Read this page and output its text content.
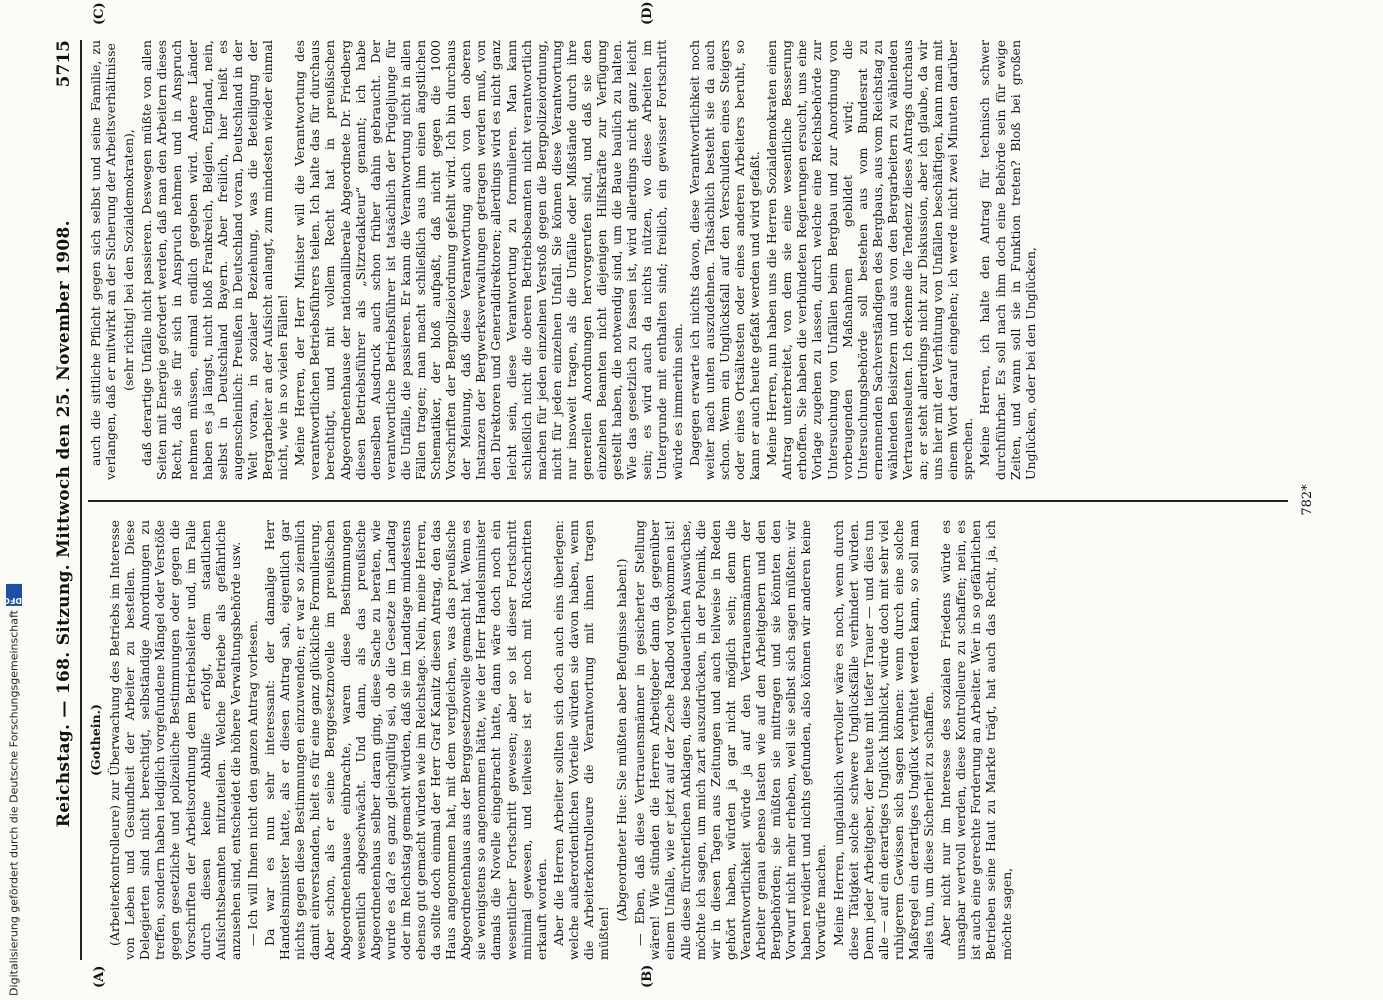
Reichstag. — 168. Sitzung. Mittwoch den 25. November 1908.
5715
(A)	(B)
(C)	(D)

(Gothein.) (Arbeiterkontrolleure) zur Überwachung des Betriebs im Interesse von Leben und Gesundheit der Arbeiter zu bestellen. Diese Delegierten sind nicht berechtigt, selbständige Anordnungen zu treffen, sondern haben lediglich vorgefundene Mängel oder Verstöße gegen gesetzliche und polizeiliche Bestimmungen oder gegen die Vorschriften der Arbeitsordnung dem Betriebsleiter und, im Falle durch diesen keine Abhilfe erfolgt, dem staatlichen Aufsichtsbeamten mitzuteilen. Welche Betriebe als gefährliche anzusehen sind, entscheidet die höhere Verwaltungsbehörde usw. — Ich will Ihnen nicht den ganzen Antrag vorlesen. Da war es nun sehr interessant: der damalige Herr Handelsminister hatte, als er diesen Antrag sah, eigentlich gar nichts gegen diese Bestimmungen einzuwenden; er war so ziemlich damit einverstanden, hielt es für eine ganz glückliche Formulierung. Aber schon, als er seine Berggesetznovelle im preußischen Abgeordnetenhause einbrachte, waren diese Bestimmungen wesentlich abgeschwächt. Und dann, als das preußische Abgeordnetenhaus selber daran ging, diese Sache zu beraten, wie wurde es da? es ganz gleichgültig sei, ob die Gesetze im Landtag oder im Reichstag gemacht würden, daß sie im Landtage mindestens ebenso gut gemacht würden wie im Reichstage. Nein, meine Herren, da sollte doch einmal der Herr Graf Kanitz diesen Antrag, den das Haus angenommen hat, mit dem vergleichen, was das preußische Abgeordnetenhaus aus der Berggesetznovelle gemacht hat. Wenn es sie wenigstens so angenommen hätte, wie der Herr Handelsminister damals die Novelle eingebracht hatte, dann wäre doch noch ein wesentlicher Fortschritt gewesen; aber so ist dieser Fortschritt minimal gewesen, und teilweise ist er noch mit Rückschritten erkauft worden. Aber die Herren Arbeiter sollten sich doch auch eins überlegen: welche außerordentlichen Vorteile würden sie davon haben, wenn die Arbeiterkontrolleure die Verantwortung mit ihnen tragen müßten!

(Abgeordneter Hue: Sie müßten aber Befugnisse haben!) — Eben, daß diese Vertrauensmänner in gesicherter Stellung wären! Wie stünden die Herren Arbeitgeber dann da gegenüber einem Unfalle, wie er jetzt auf der Zeche Radbod vorgekommen ist! Alle diese fürchterlichen Anklagen, diese bedauerlichen Auswüchse, möchte ich sagen, um mich zart auszudrücken, in der Polemik, die wir in diesen Tagen aus Zeitungen und auch teilweise in Reden gehört haben, würden ja gar nicht möglich sein; denn die Verantwortlichkeit würde ja auf den Vertrauensmännern der Arbeiter genau ebenso lasten wie auf den Arbeitgebern und den Bergbehörden; sie müßten sie mittragen und sie könnten den Vorwurf nicht mehr erheben, weil sie selbst sich sagen müßten: wir haben revidiert und nichts gefunden, also können wir anderen keine Vorwürfe machen. Meine Herren, unglaublich wertvoller wäre es noch, wenn durch diese Tätigkeit solche schwere Unglücksfälle verhindert würden. Denn jeder Arbeitgeber, der heute mit tiefer Trauer — und dies tun alle — auf ein derartiges Unglück hinblickt, würde doch mit sehr viel ruhigerem Gewissen sich sagen können: wenn durch eine solche Maßregel ein derartiges Unglück verhütet werden kann, so soll man alles tun, um diese Sicherheit zu schaffen. Aber nicht nur im Interesse des sozialen Friedens würde es unsagbar wertvoll werden, diese Kontrolleure zu schaffen; nein, es ist auch eine gerechte Forderung an Arbeiter. Wer in so gefährlichen Betrieben seine Haut zu Markte trägt, hat auch das Recht, ja, ich möchte sagen,

auch die sittliche Pflicht gegen sich selbst und seine Familie, zu verlangen, daß er mitwirkt an der Sicherung der Arbeitsverhältnisse (sehr richtig! bei den Sozialdemokraten), daß derartige Unfälle nicht passieren. Deswegen müßte von allen Seiten mit Energie gefordert werden, daß man den Arbeitern dieses Recht, daß sie für sich in Anspruch nehmen und in Anspruch nehmen müssen, einmal endlich gegeben wird. Andere Länder haben es ja längst, nicht bloß Frankreich, Belgien, England, nein, selbst in Deutschland Bayern. Aber freilich, hier heißt es augenscheinlich: Preußen in Deutschland voran, Deutschland in der Welt voran, in sozialer Beziehung, was die Beteiligung der Bergarbeiter an der Aufsicht anlangt, zum mindesten wieder einmal nicht, wie in so vielen Fällen! Meine Herren, der Herr Minister will die Verantwortung des verantwortlichen Betriebsführers teilen. Ich halte das für durchaus berechtigt, und mit vollem Recht hat in preußischen Abgeordnetenhause der nationalliberale Abgeordnete Dr. Friedberg diesen Betriebsführer als „Sitzredakteur“ genannt; ich habe denselben Ausdruck auch schon früher dahin gebraucht. Der verantwortliche Betriebsführer ist tatsächlich der Prügeljunge für die Unfälle, die passieren. Er kann die Verantwortung nicht in allen Fällen tragen; man macht schließlich aus ihm einen ängstlichen Schematiker, der bloß aufpaßt, daß nicht gegen die 1000 Vorschriften der Bergpolizeiordnung gefehlt wird. Ich bin durchaus der Meinung, daß diese Verantwortung auch von den oberen Instanzen der Bergwerksverwaltungen getragen werden muß, von den Direktoren und Generaldirektoren; allerdings wird es nicht ganz leicht sein, diese Verantwortung zu formulieren. Man kann schließlich nicht die oberen Betriebsbeamten nicht verantwortlich machen für jeden einzelnen Verstoß gegen die Bergpolizeiordnung, nicht für jeden einzelnen Unfall. Sie können diese Verantwortung nur insoweit tragen, als die Unfälle oder Mißstände durch ihre generellen Anordnungen hervorgerufen sind, und daß sie den einzelnen Beamten nicht diejenigen Hilfskräfte zur Verfügung gestellt haben, die notwendig sind, um die Baue baulich zu halten. Wie das gesetzlich zu fassen ist, wird allerdings nicht ganz leicht sein; es wird auch da nichts nützen, wo diese Arbeiten im Untergrunde mit enthalten sind; freilich, ein gewisser Fortschritt würde es immerhin sein. Dagegen erwarte ich nichts davon, diese Verantwortlichkeit noch weiter nach unten auszudehnen. Tatsächlich besteht sie da auch schon. Wenn ein Unglücksfall auf den Verschulden eines Steigers oder eines Ortsältesten oder eines anderen Arbeiters beruht, so kann er auch heute gefaßt werden und wird gefaßt. Meine Herren, nun haben uns die Herren Sozialdemokraten einen Antrag unterbreitet, von dem sie eine wesentliche Besserung erhoffen. Sie haben die verbündeten Regierungen ersucht, uns eine Vorlage zugehen zu lassen, durch welche eine Reichsbehörde zur Untersuchung von Unfällen beim Bergbau und zur Anordnung von vorbeugenden Maßnahmen gebildet wird; die Untersuchungsbehörde soll bestehen aus vom Bundesrat zu ernennenden Sachverständigen des Bergbaus, aus vom Reichstag zu wählenden Beisitzern und aus von den Bergarbeitern zu wählenden Vertrauensleuten. Ich erkenne die Tendenz dieses Antrags durchaus an; er steht allerdings nicht zur Diskussion, aber ich glaube, da wir uns hier mit der Verhütung von Unfällen beschäftigen, kann man mit einem Wort darauf eingehen; ich werde nicht zwei Minuten darüber sprechen. Meine Herren, ich halte den Antrag für technisch schwer durchführbar. Es soll nach ihm doch eine Behörde sein für ewige Zeiten, und wann soll sie in Funktion treten? Bloß bei großen Unglücken, oder bei den Unglücken,

782*
Digitalisierung gefördert durch die Deutsche Forschungsgemeinschaft
DFG
